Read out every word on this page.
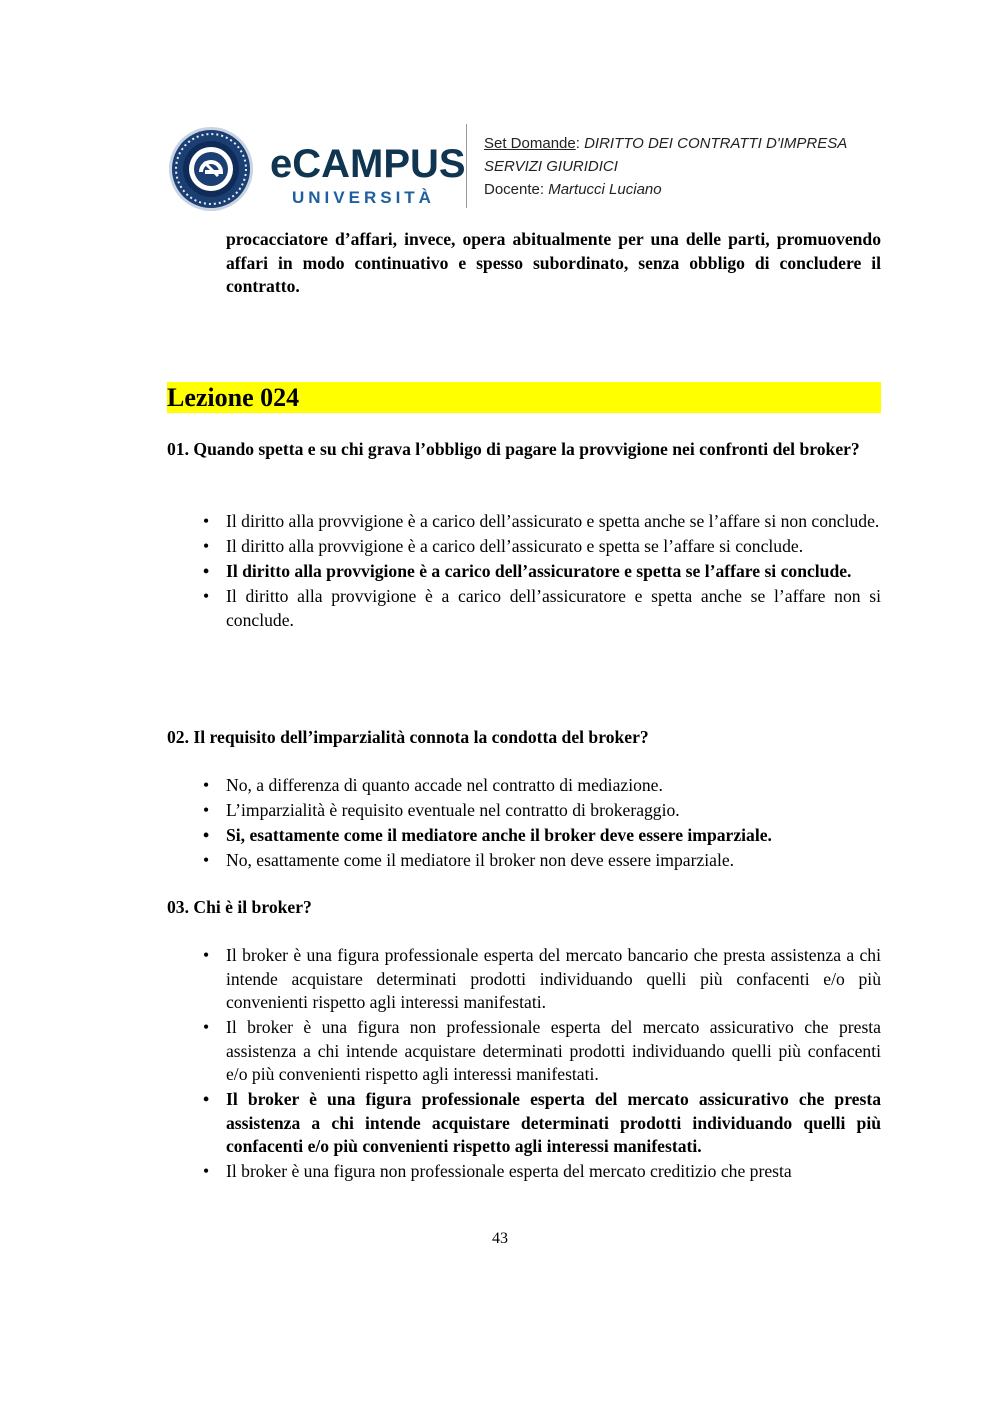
eCAMPUS
UNIVERSITÀ
Set Domande: DIRITTO DEI CONTRATTI D'IMPRESA
SERVIZI GIURIDICI
Docente: Martucci Luciano
procacciatore d’affari, invece, opera abitualmente per una delle parti, promuovendo affari in modo continuativo e spesso subordinato, senza obbligo di concludere il contratto.
Lezione 024
01. Quando spetta e su chi grava l’obbligo di pagare la provvigione nei confronti del broker?
• Il diritto alla provvigione è a carico dell’assicurato e spetta anche se l’affare si non conclude.
• Il diritto alla provvigione è a carico dell’assicurato e spetta se l’affare si conclude.
• Il diritto alla provvigione è a carico dell’assicuratore e spetta se l’affare si conclude.
• Il diritto alla provvigione è a carico dell’assicuratore e spetta anche se l’affare non si conclude.
02. Il requisito dell’imparzialità connota la condotta del broker?
• No, a differenza di quanto accade nel contratto di mediazione.
• L’imparzialità è requisito eventuale nel contratto di brokeraggio.
• Si, esattamente come il mediatore anche il broker deve essere imparziale.
• No, esattamente come il mediatore il broker non deve essere imparziale.
03. Chi è il broker?
• Il broker è una figura professionale esperta del mercato bancario che presta assistenza a chi intende acquistare determinati prodotti individuando quelli più confacenti e/o più convenienti rispetto agli interessi manifestati.
• Il broker è una figura non professionale esperta del mercato assicurativo che presta assistenza a chi intende acquistare determinati prodotti individuando quelli più confacenti e/o più convenienti rispetto agli interessi manifestati.
• Il broker è una figura professionale esperta del mercato assicurativo che presta assistenza a chi intende acquistare determinati prodotti individuando quelli più confacenti e/o più convenienti rispetto agli interessi manifestati.
• Il broker è una figura non professionale esperta del mercato creditizio che presta
43
